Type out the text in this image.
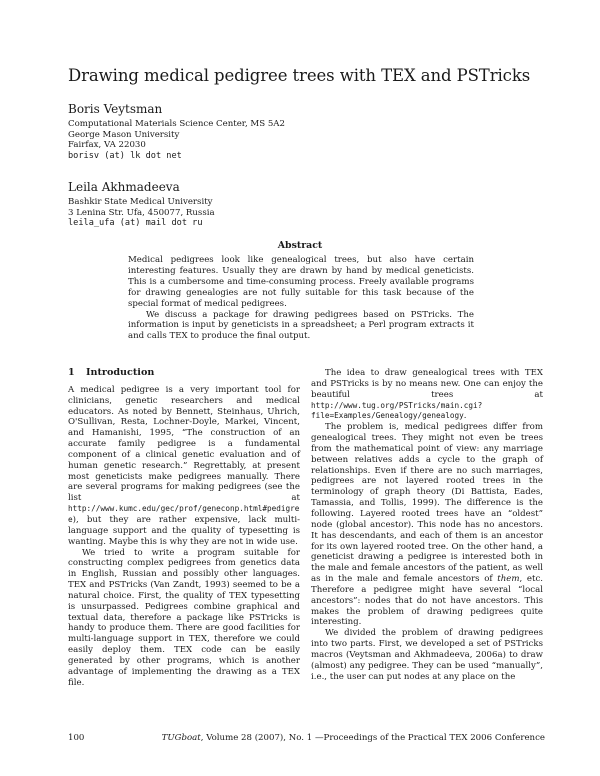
Drawing medical pedigree trees with TEX and PSTricks
Boris Veytsman
Computational Materials Science Center, MS 5A2
George Mason University
Fairfax, VA 22030
borisv (at) lk dot net
Leila Akhmadeeva
Bashkir State Medical University
3 Lenina Str. Ufa, 450077, Russia
leila_ufa (at) mail dot ru
Abstract

Medical pedigrees look like genealogical trees, but also have certain interesting features. Usually they are drawn by hand by medical geneticists. This is a cumbersome and time-consuming process. Freely available programs for drawing genealogies are not fully suitable for this task because of the special format of medical pedigrees.

We discuss a package for drawing pedigrees based on PSTricks. The information is input by geneticists in a spreadsheet; a Perl program extracts it and calls TEX to produce the final output.

1 Introduction

A medical pedigree is a very important tool for clinicians, genetic researchers and medical educators. As noted by Bennett, Steinhaus, Uhrich, O'Sullivan, Resta, Lochner-Doyle, Markei, Vincent, and Hamanishi, 1995, “The construction of an accurate family pedigree is a fundamental component of a clinical genetic evaluation and of human genetic research.” Regrettably, at present most geneticists make pedigrees manually. There are several programs for making pedigrees (see the list at http://www.kumc.edu/gec/prof/geneconp.html#pedigree), but they are rather expensive, lack multi-language support and the quality of typesetting is wanting. Maybe this is why they are not in wide use.

We tried to write a program suitable for constructing complex pedigrees from genetics data in English, Russian and possibly other languages. TEX and PSTricks (Van Zandt, 1993) seemed to be a natural choice. First, the quality of TEX typesetting is unsurpassed. Pedigrees combine graphical and textual data, therefore a package like PSTricks is handy to produce them. There are good facilities for multi-language support in TEX, therefore we could easily deploy them. TEX code can be easily generated by other programs, which is another advantage of implementing the drawing as a TEX file.

The idea to draw genealogical trees with TEX and PSTricks is by no means new. One can enjoy the beautiful trees at http://www.tug.org/PSTricks/main.cgi?file=Examples/Genealogy/genealogy.

The problem is, medical pedigrees differ from genealogical trees. They might not even be trees from the mathematical point of view: any marriage between relatives adds a cycle to the graph of relationships. Even if there are no such marriages, pedigrees are not layered rooted trees in the terminology of graph theory (Di Battista, Eades, Tamassia, and Tollis, 1999). The difference is the following. Layered rooted trees have an “oldest” node (global ancestor). This node has no ancestors. It has descendants, and each of them is an ancestor for its own layered rooted tree. On the other hand, a geneticist drawing a pedigree is interested both in the male and female ancestors of the patient, as well as in the male and female ancestors of them, etc. Therefore a pedigree might have several “local ancestors”: nodes that do not have ancestors. This makes the problem of drawing pedigrees quite interesting.

We divided the problem of drawing pedigrees into two parts. First, we developed a set of PSTricks macros (Veytsman and Akhmadeeva, 2006a) to draw (almost) any pedigree. They can be used “manually”, i.e., the user can put nodes at any place on the

100	TUGboat, Volume 28 (2007), No. 1 —Proceedings of the Practical TEX 2006 Conference
